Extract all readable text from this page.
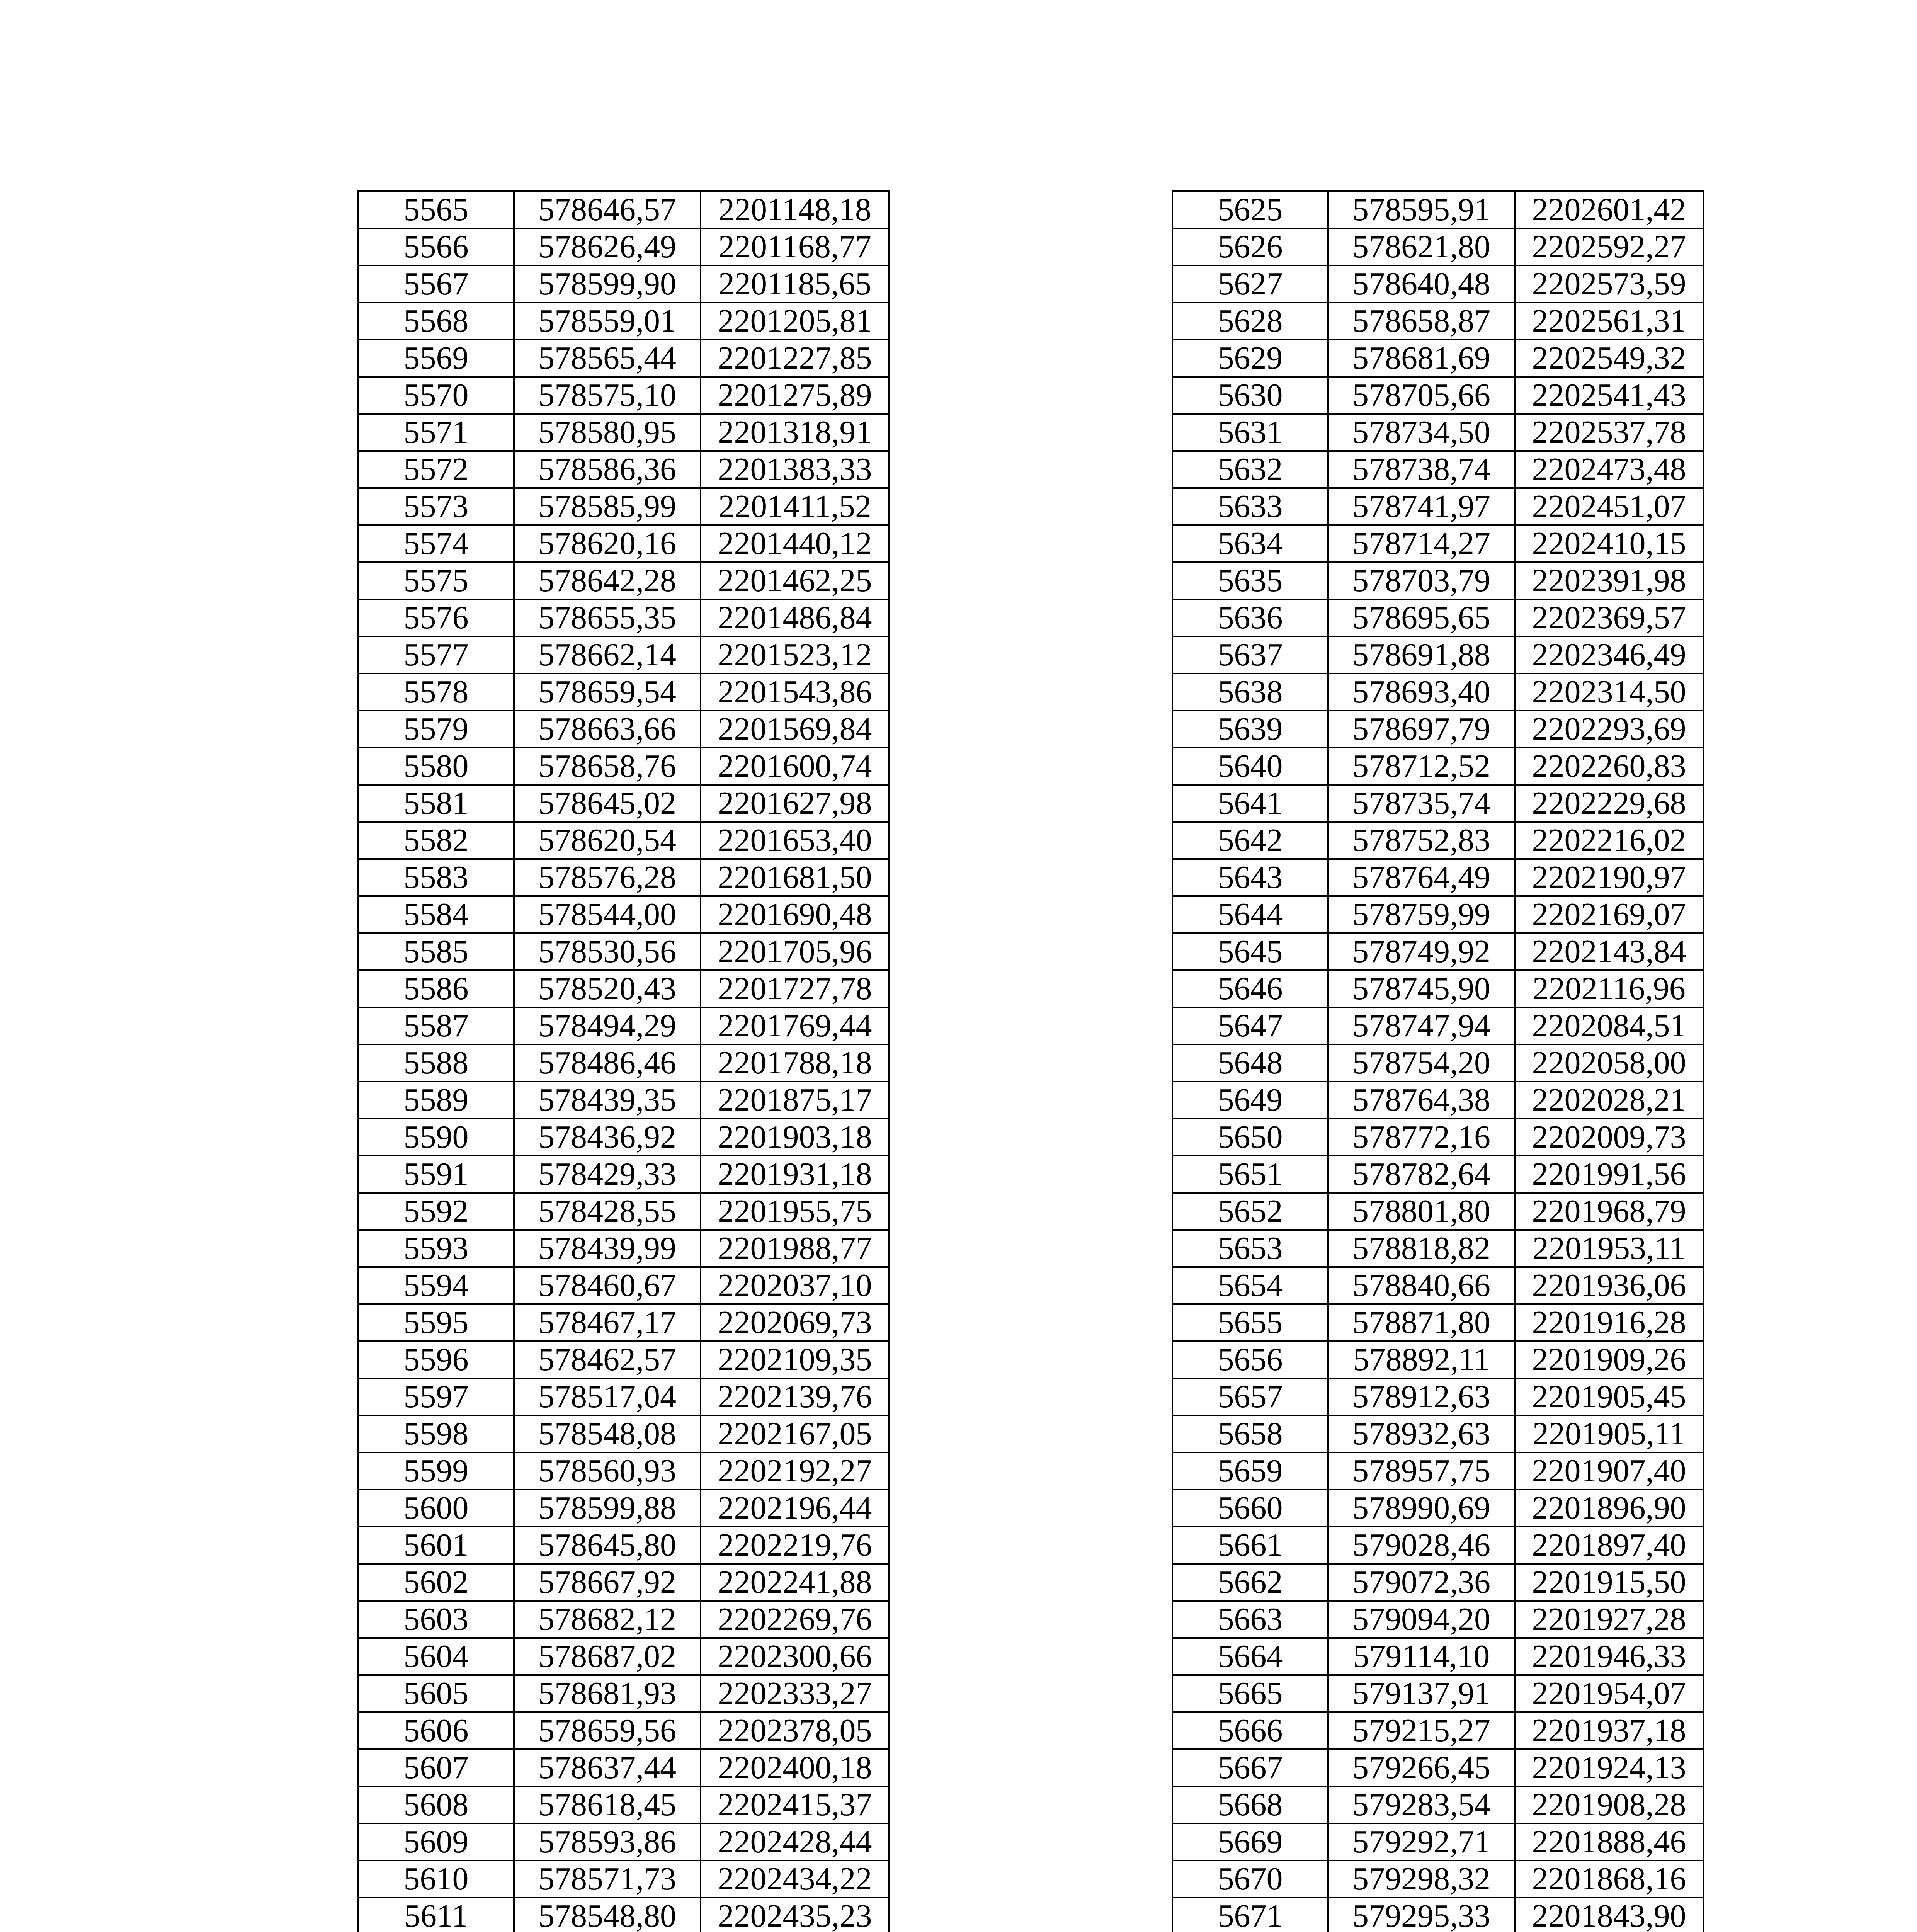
5565	578646,57	2201148,18
5566	578626,49	2201168,77
5567	578599,90	2201185,65
5568	578559,01	2201205,81
5569	578565,44	2201227,85
5570	578575,10	2201275,89
5571	578580,95	2201318,91
5572	578586,36	2201383,33
5573	578585,99	2201411,52
5574	578620,16	2201440,12
5575	578642,28	2201462,25
5576	578655,35	2201486,84
5577	578662,14	2201523,12
5578	578659,54	2201543,86
5579	578663,66	2201569,84
5580	578658,76	2201600,74
5581	578645,02	2201627,98
5582	578620,54	2201653,40
5583	578576,28	2201681,50
5584	578544,00	2201690,48
5585	578530,56	2201705,96
5586	578520,43	2201727,78
5587	578494,29	2201769,44
5588	578486,46	2201788,18
5589	578439,35	2201875,17
5590	578436,92	2201903,18
5591	578429,33	2201931,18
5592	578428,55	2201955,75
5593	578439,99	2201988,77
5594	578460,67	2202037,10
5595	578467,17	2202069,73
5596	578462,57	2202109,35
5597	578517,04	2202139,76
5598	578548,08	2202167,05
5599	578560,93	2202192,27
5600	578599,88	2202196,44
5601	578645,80	2202219,76
5602	578667,92	2202241,88
5603	578682,12	2202269,76
5604	578687,02	2202300,66
5605	578681,93	2202333,27
5606	578659,56	2202378,05
5607	578637,44	2202400,18
5608	578618,45	2202415,37
5609	578593,86	2202428,44
5610	578571,73	2202434,22
5611	578548,80	2202435,23

5625	578595,91	2202601,42
5626	578621,80	2202592,27
5627	578640,48	2202573,59
5628	578658,87	2202561,31
5629	578681,69	2202549,32
5630	578705,66	2202541,43
5631	578734,50	2202537,78
5632	578738,74	2202473,48
5633	578741,97	2202451,07
5634	578714,27	2202410,15
5635	578703,79	2202391,98
5636	578695,65	2202369,57
5637	578691,88	2202346,49
5638	578693,40	2202314,50
5639	578697,79	2202293,69
5640	578712,52	2202260,83
5641	578735,74	2202229,68
5642	578752,83	2202216,02
5643	578764,49	2202190,97
5644	578759,99	2202169,07
5645	578749,92	2202143,84
5646	578745,90	2202116,96
5647	578747,94	2202084,51
5648	578754,20	2202058,00
5649	578764,38	2202028,21
5650	578772,16	2202009,73
5651	578782,64	2201991,56
5652	578801,80	2201968,79
5653	578818,82	2201953,11
5654	578840,66	2201936,06
5655	578871,80	2201916,28
5656	578892,11	2201909,26
5657	578912,63	2201905,45
5658	578932,63	2201905,11
5659	578957,75	2201907,40
5660	578990,69	2201896,90
5661	579028,46	2201897,40
5662	579072,36	2201915,50
5663	579094,20	2201927,28
5664	579114,10	2201946,33
5665	579137,91	2201954,07
5666	579215,27	2201937,18
5667	579266,45	2201924,13
5668	579283,54	2201908,28
5669	579292,71	2201888,46
5670	579298,32	2201868,16
5671	579295,33	2201843,90
